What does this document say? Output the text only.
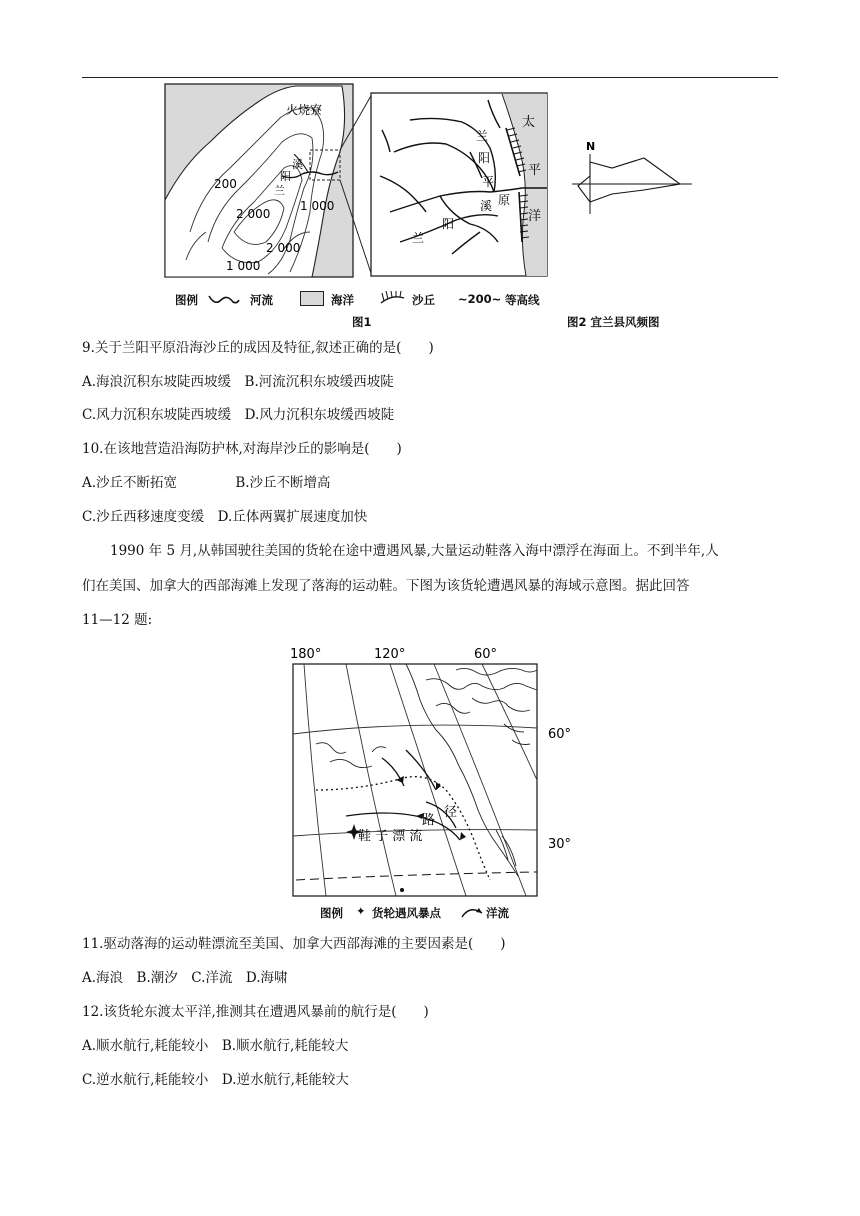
火烧寮
溪
阳
兰
200
2 000
1 000
2 000
1 000
太
平
洋
兰
阳
平
溪 原
阳
兰
N
图例	河流	海洋	沙丘 ~200~ 等高线
图1	图2 宜兰县风频图
9.关于兰阳平原沿海沙丘的成因及特征,叙述正确的是(　　)
A.海浪沉积东坡陡西坡缓　B.河流沉积东坡缓西坡陡
C.风力沉积东坡陡西坡缓　D.风力沉积东坡缓西坡陡
10.在该地营造沿海防护林,对海岸沙丘的影响是(　　)
A.沙丘不断拓宽　　　　 B.沙丘不断增高
C.沙丘西移速度变缓　D.丘体两翼扩展速度加快
1990 年 5 月,从韩国驶往美国的货轮在途中遭遇风暴,大量运动鞋落入海中漂浮在海面上。不到半年,人
们在美国、加拿大的西部海滩上发现了落海的运动鞋。下图为该货轮遭遇风暴的海域示意图。据此回答
11—12 题:
180°	120°	60°
路
径
鞋 子 漂 流
60°
30°
图例 ✦ 货轮遇风暴点	洋流
11.驱动落海的运动鞋漂流至美国、加拿大西部海滩的主要因素是(　　)
A.海浪　B.潮汐　C.洋流　D.海啸
12.该货轮东渡太平洋,推测其在遭遇风暴前的航行是(　　)
A.顺水航行,耗能较小　B.顺水航行,耗能较大
C.逆水航行,耗能较小　D.逆水航行,耗能较大
